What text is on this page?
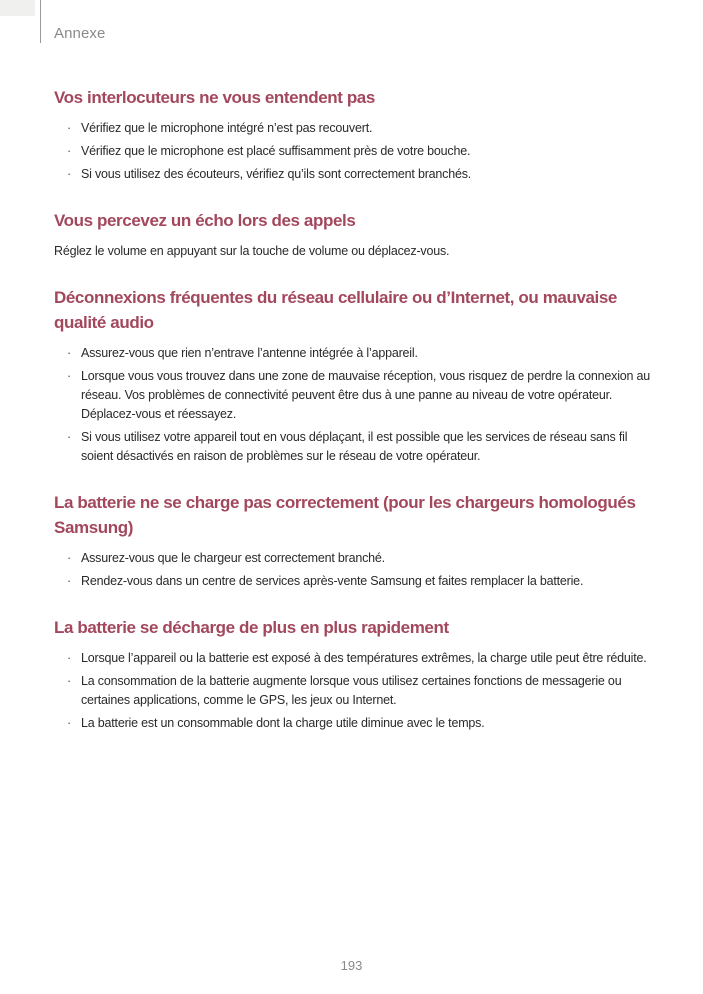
Annexe
Vos interlocuteurs ne vous entendent pas
· Vérifiez que le microphone intégré n’est pas recouvert.
· Vérifiez que le microphone est placé suffisamment près de votre bouche.
· Si vous utilisez des écouteurs, vérifiez qu’ils sont correctement branchés.
Vous percevez un écho lors des appels

Réglez le volume en appuyant sur la touche de volume ou déplacez-vous.

Déconnexions fréquentes du réseau cellulaire ou d’Internet, ou mauvaise qualité audio
· Assurez-vous que rien n’entrave l’antenne intégrée à l’appareil.
· Lorsque vous vous trouvez dans une zone de mauvaise réception, vous risquez de perdre la connexion au réseau. Vos problèmes de connectivité peuvent être dus à une panne au niveau de votre opérateur. Déplacez-vous et réessayez.
· Si vous utilisez votre appareil tout en vous déplaçant, il est possible que les services de réseau sans fil soient désactivés en raison de problèmes sur le réseau de votre opérateur.
La batterie ne se charge pas correctement (pour les chargeurs homologués Samsung)
· Assurez-vous que le chargeur est correctement branché.
· Rendez-vous dans un centre de services après-vente Samsung et faites remplacer la batterie.
La batterie se décharge de plus en plus rapidement
· Lorsque l’appareil ou la batterie est exposé à des températures extrêmes, la charge utile peut être réduite.
· La consommation de la batterie augmente lorsque vous utilisez certaines fonctions de messagerie ou certaines applications, comme le GPS, les jeux ou Internet.
· La batterie est un consommable dont la charge utile diminue avec le temps.
193
